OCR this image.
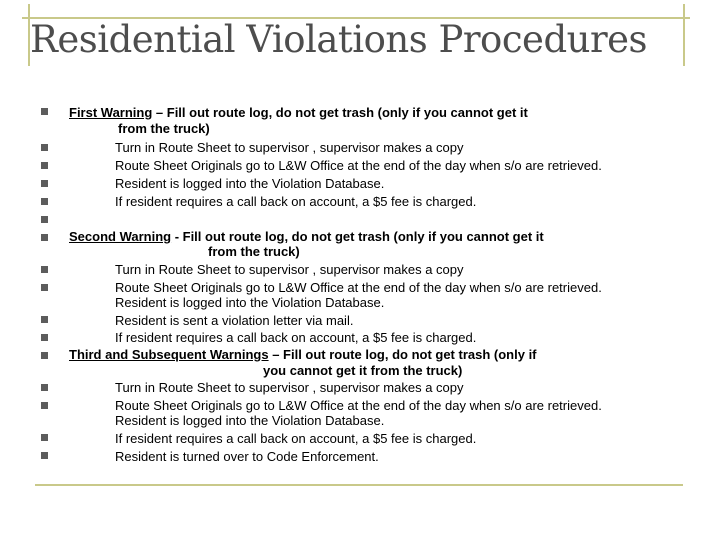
Residential Violations Procedures
First Warning – Fill out route log, do not get trash (only if you cannot get it
from the truck)
Turn in Route Sheet to supervisor , supervisor makes a copy
Route Sheet Originals go to L&W Office at the end of the day when s/o are retrieved.
Resident is logged into the Violation Database.
If resident requires a call back on account, a $5 fee is charged.
Second Warning - Fill out route log, do not get trash (only if you cannot get it
from the truck)
Turn in Route Sheet to supervisor , supervisor makes a copy
Route Sheet Originals go to L&W Office at the end of the day when s/o are retrieved.
Resident is logged into the Violation Database.
Resident is sent a violation letter via mail.
If resident requires a call back on account, a $5 fee is charged.
Third and Subsequent Warnings – Fill out route log, do not get trash (only if
you cannot get it from the truck)
Turn in Route Sheet to supervisor , supervisor makes a copy
Route Sheet Originals go to L&W Office at the end of the day when s/o are retrieved.
Resident is logged into the Violation Database.
If resident requires a call back on account, a $5 fee is charged.
Resident is turned over to Code Enforcement.
